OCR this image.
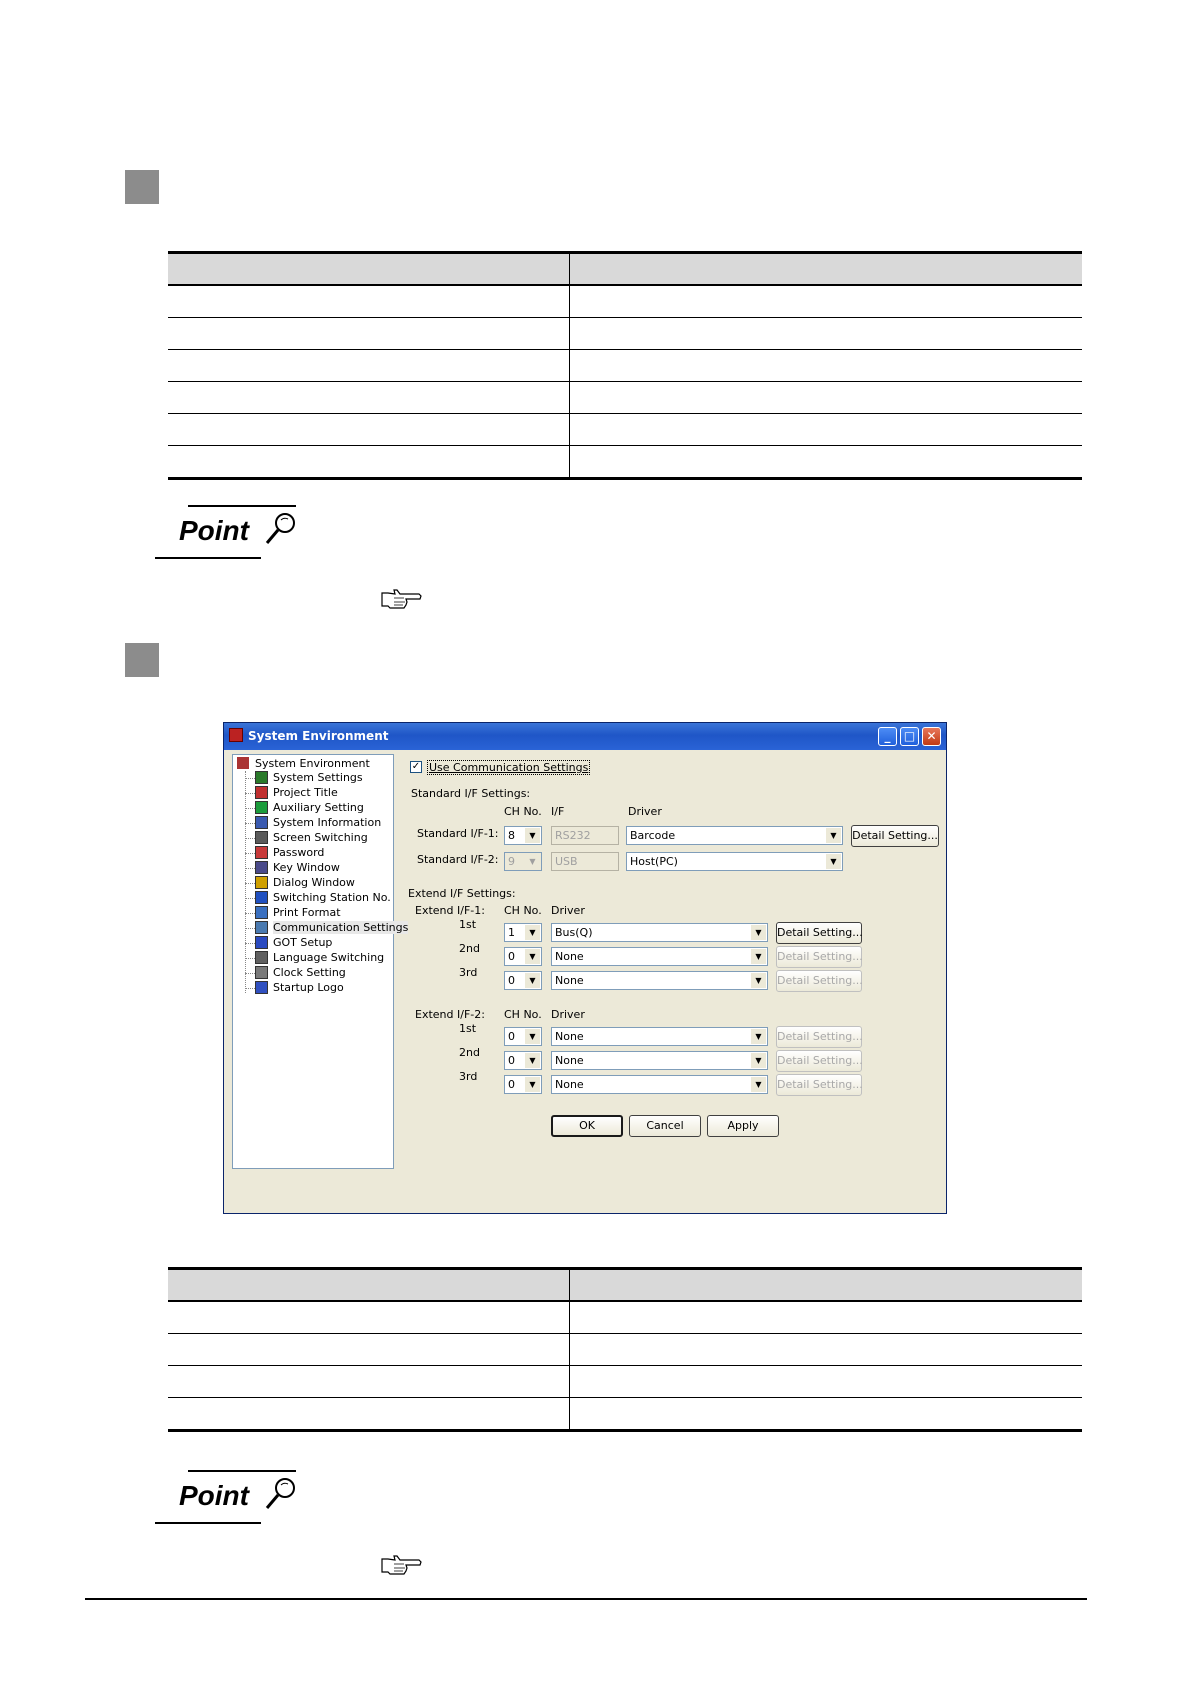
Point
System Environment	_	□ ✕
System Environment
System Settings
Project Title
Auxiliary Setting
System Information
Screen Switching
Password
Key Window
Dialog Window
Switching Station No.
Print Format
Communication Settings
GOT Setup
Language Switching
Clock Setting
Startup Logo
✓ Use Communication Settings
Standard I/F Settings:
CH No. I/F	Driver
Standard I/F-1: 8	▼	RS232	Barcode	▼	Detail Setting...
Standard I/F-2: 9	▼	USB	Host(PC)	▼
Extend I/F Settings:
Extend I/F-1: CH No. Driver
1st
1	▼	Bus(Q)	▼	Detail Setting...
2nd
0	▼	None	▼	Detail Setting...
3rd
0	▼	None	▼	Detail Setting...
Extend I/F-2: CH No. Driver
1st
0	▼	None	▼	Detail Setting...
2nd
0	▼	None	▼	Detail Setting...
3rd
0	▼	None	▼	Detail Setting...
OK	Cancel	Apply

Point
